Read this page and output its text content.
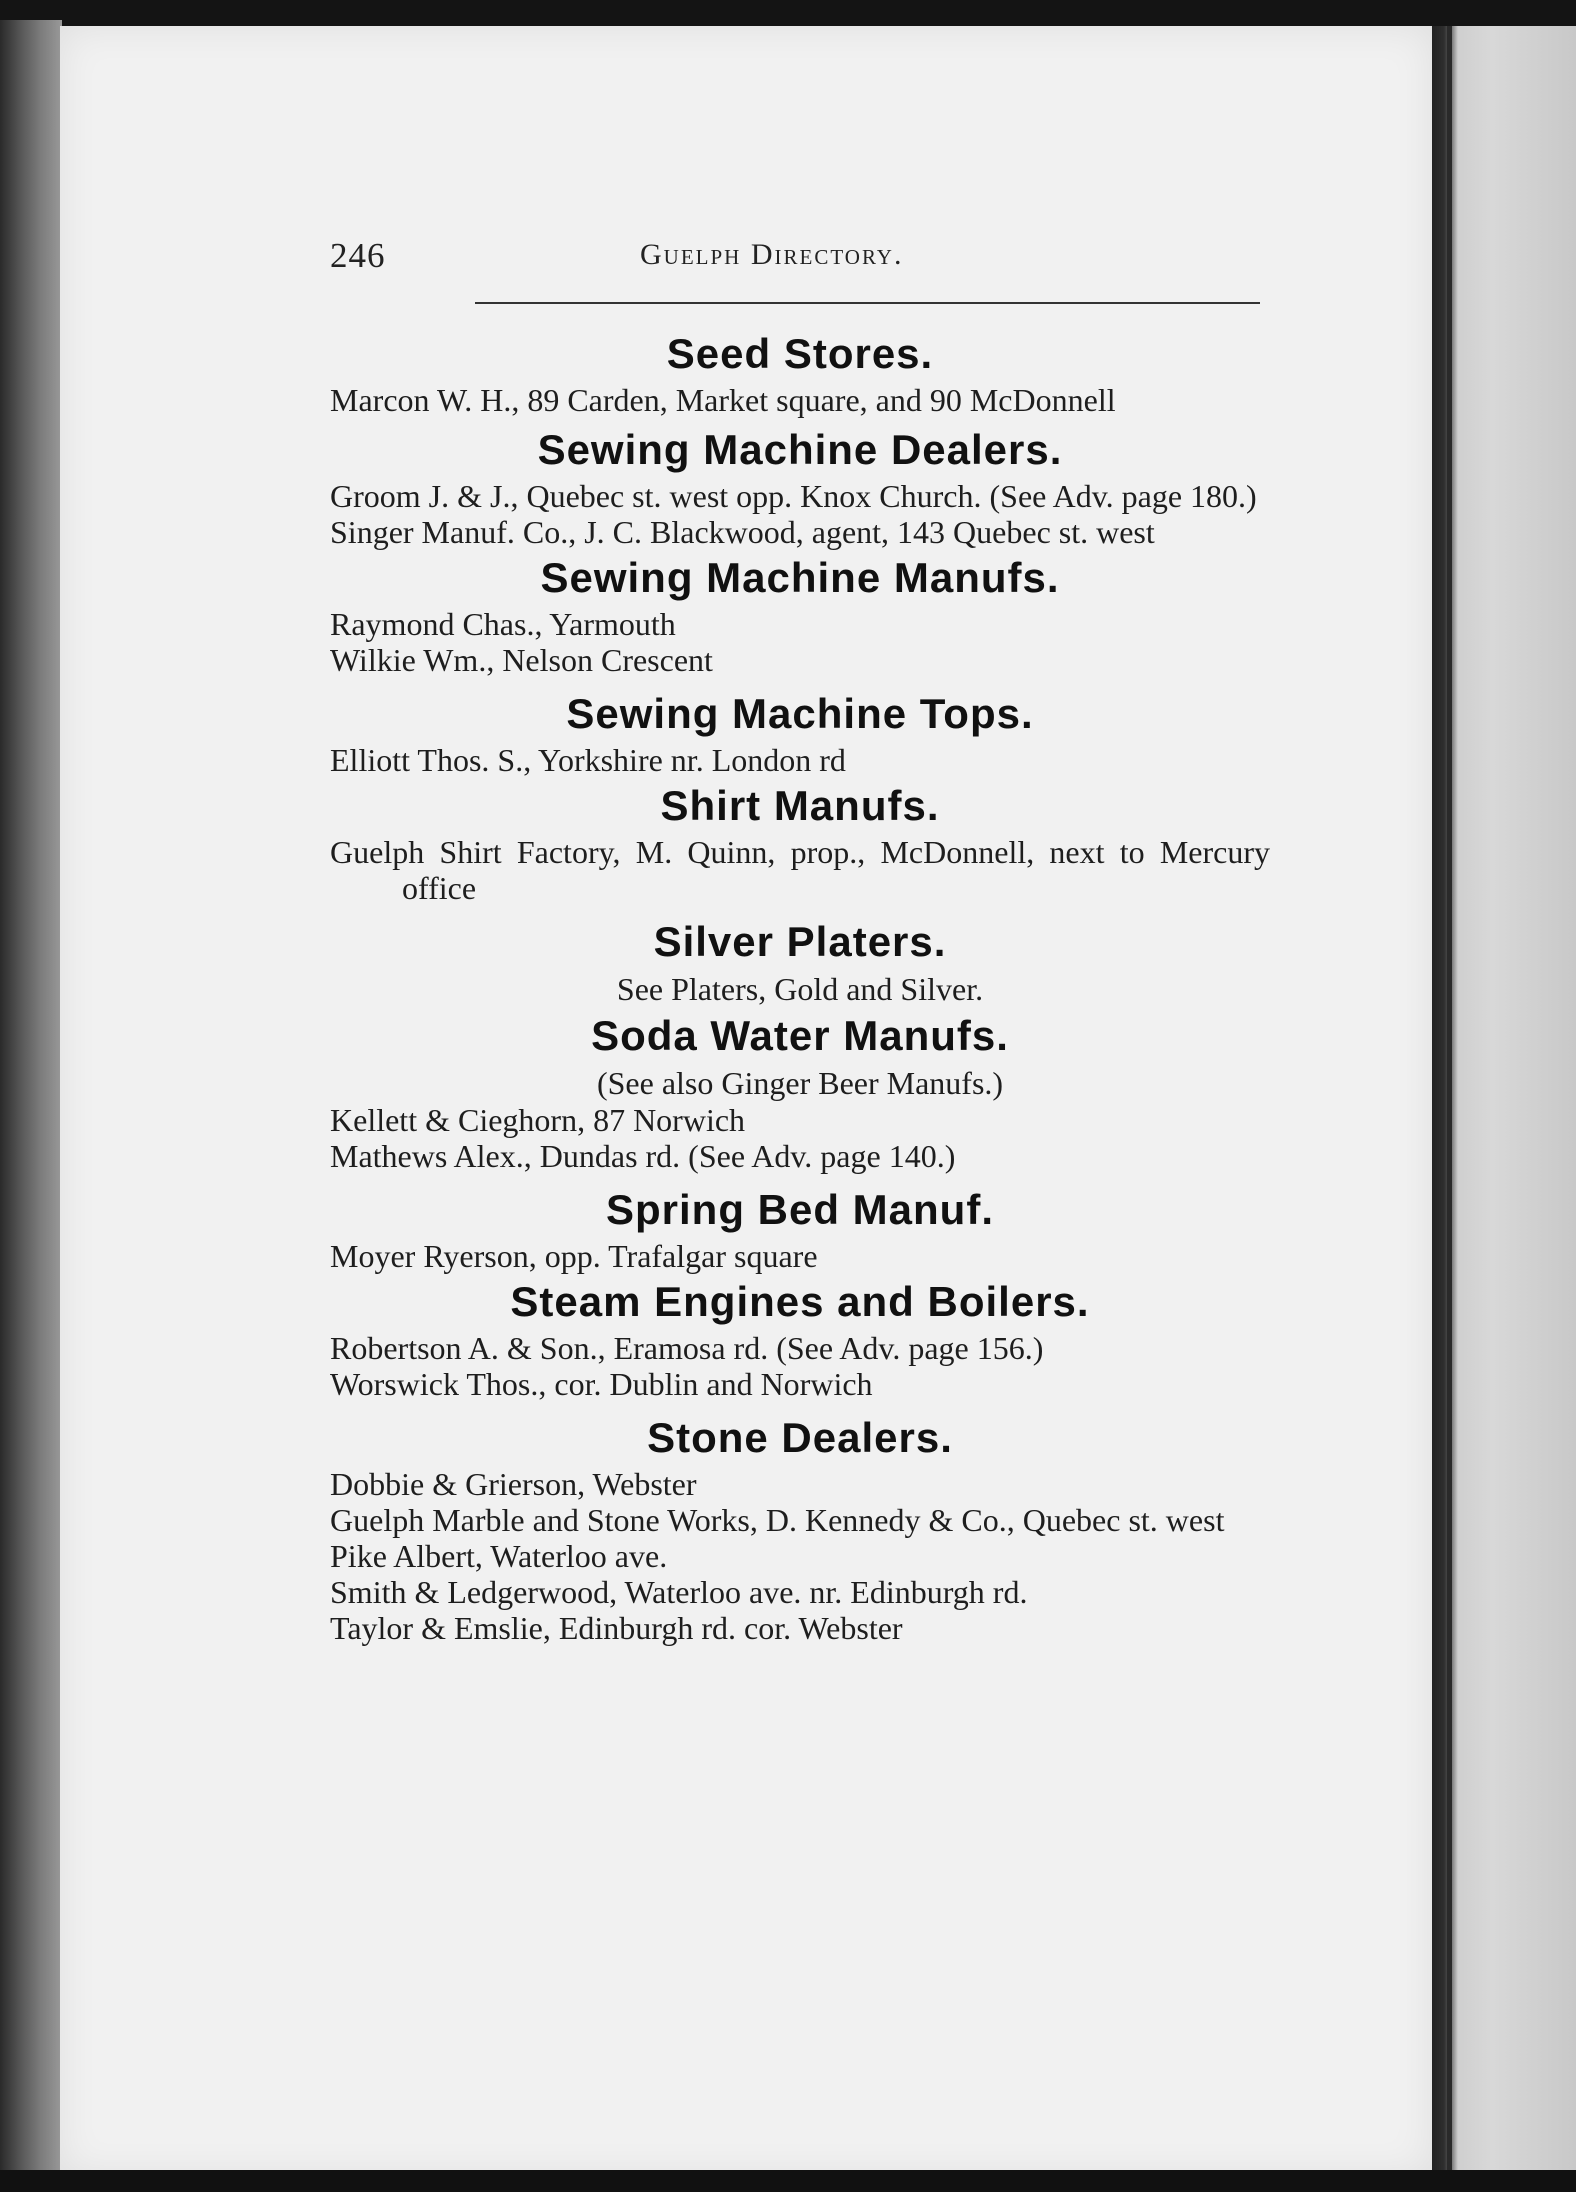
246	Guelph Directory.
Seed Stores.
Marcon W. H., 89 Carden, Market square, and 90 McDonnell
Sewing Machine Dealers.
Groom J. & J., Quebec st. west opp. Knox Church. (See Adv. page 180.)
Singer Manuf. Co., J. C. Blackwood, agent, 143 Quebec st. west
Sewing Machine Manufs.
Raymond Chas., Yarmouth
Wilkie Wm., Nelson Crescent
Sewing Machine Tops.
Elliott Thos. S., Yorkshire nr. London rd
Shirt Manufs.
Guelph Shirt Factory, M. Quinn, prop., McDonnell, next to Mercury office
Silver Platers.
See Platers, Gold and Silver.
Soda Water Manufs.
(See also Ginger Beer Manufs.)
Kellett & Cieghorn, 87 Norwich
Mathews Alex., Dundas rd. (See Adv. page 140.)
Spring Bed Manuf.
Moyer Ryerson, opp. Trafalgar square
Steam Engines and Boilers.
Robertson A. & Son., Eramosa rd. (See Adv. page 156.)
Worswick Thos., cor. Dublin and Norwich
Stone Dealers.
Dobbie & Grierson, Webster
Guelph Marble and Stone Works, D. Kennedy & Co., Quebec st. west
Pike Albert, Waterloo ave.
Smith & Ledgerwood, Waterloo ave. nr. Edinburgh rd.
Taylor & Emslie, Edinburgh rd. cor. Webster
